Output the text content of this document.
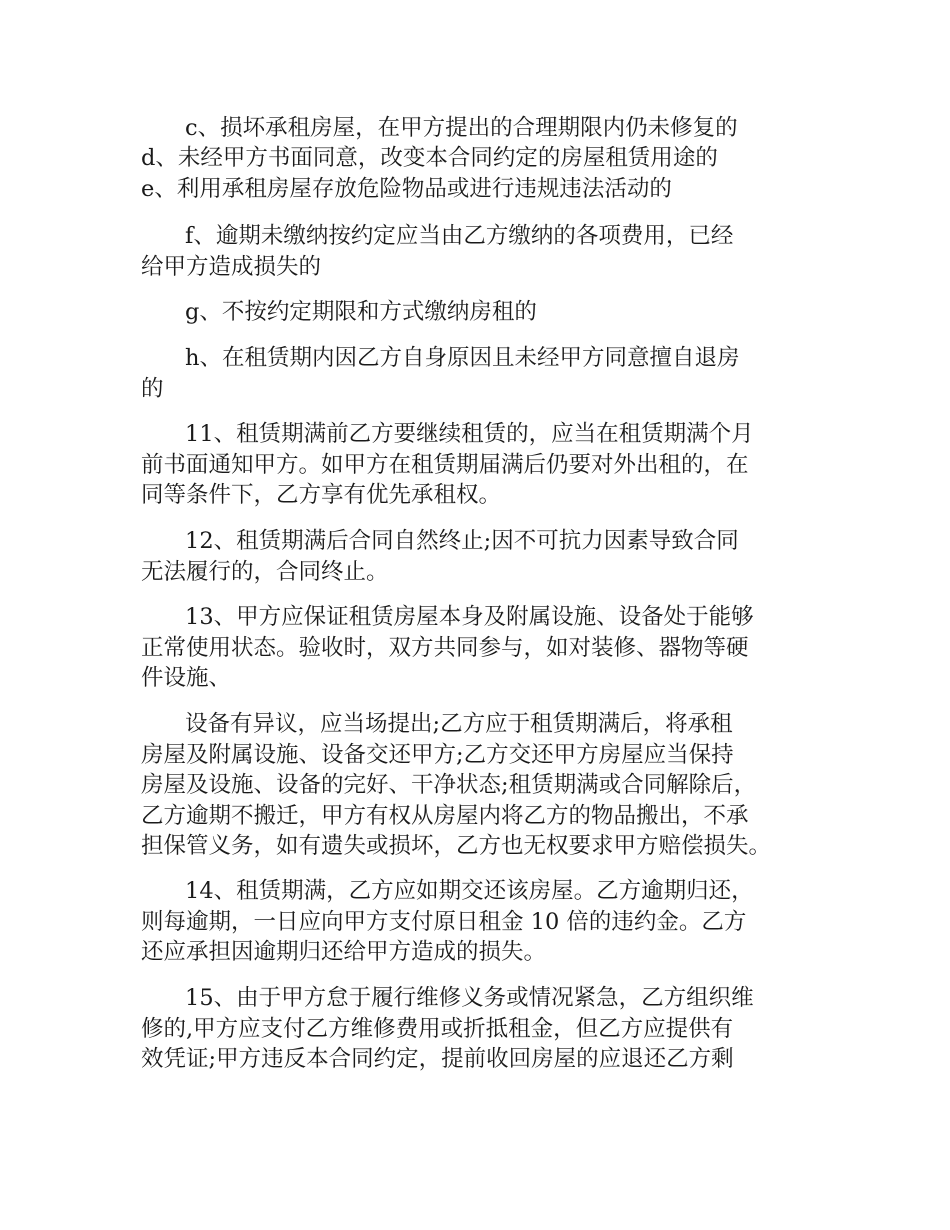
c、损坏承租房屋，在甲方提出的合理期限内仍未修复的
d、未经甲方书面同意，改变本合同约定的房屋租赁用途的
e、利用承租房屋存放危险物品或进行违规违法活动的
f、逾期未缴纳按约定应当由乙方缴纳的各项费用，已经
给甲方造成损失的
g、不按约定期限和方式缴纳房租的
h、在租赁期内因乙方自身原因且未经甲方同意擅自退房
的
11、租赁期满前乙方要继续租赁的，应当在租赁期满个月
前书面通知甲方。如甲方在租赁期届满后仍要对外出租的，在
同等条件下，乙方享有优先承租权。
12、租赁期满后合同自然终止;因不可抗力因素导致合同
无法履行的，合同终止。
13、甲方应保证租赁房屋本身及附属设施、设备处于能够
正常使用状态。验收时，双方共同参与，如对装修、器物等硬
件设施、
设备有异议，应当场提出;乙方应于租赁期满后，将承租
房屋及附属设施、设备交还甲方;乙方交还甲方房屋应当保持
房屋及设施、设备的完好、干净状态;租赁期满或合同解除后，
乙方逾期不搬迁，甲方有权从房屋内将乙方的物品搬出，不承
担保管义务，如有遗失或损坏，乙方也无权要求甲方赔偿损失。
14、租赁期满，乙方应如期交还该房屋。乙方逾期归还，
则每逾期，一日应向甲方支付原日租金 10 倍的违约金。乙方
还应承担因逾期归还给甲方造成的损失。
15、由于甲方怠于履行维修义务或情况紧急，乙方组织维
修的,甲方应支付乙方维修费用或折抵租金，但乙方应提供有
效凭证;甲方违反本合同约定，提前收回房屋的应退还乙方剩
